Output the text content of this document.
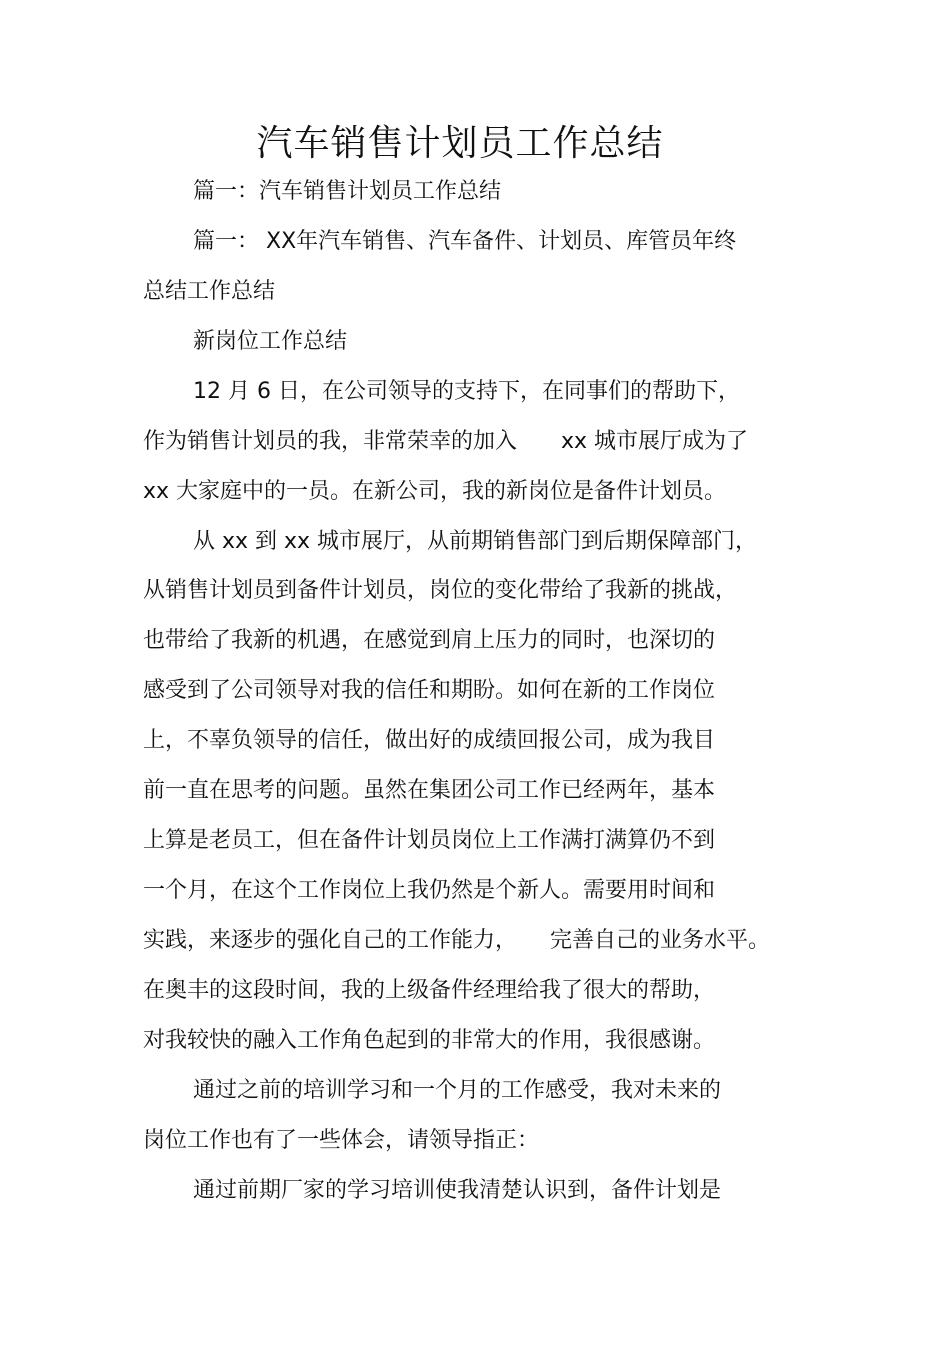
汽车销售计划员工作总结
篇一：汽车销售计划员工作总结
篇一： XX年汽车销售、汽车备件、计划员、库管员年终
总结工作总结
新岗位工作总结
12 月 6 日，在公司领导的支持下，在同事们的帮助下，
作为销售计划员的我，非常荣幸的加入　　xx 城市展厅成为了
xx 大家庭中的一员。在新公司，我的新岗位是备件计划员。
从 xx 到 xx 城市展厅，从前期销售部门到后期保障部门，
从销售计划员到备件计划员，岗位的变化带给了我新的挑战，
也带给了我新的机遇，在感觉到肩上压力的同时，也深切的
感受到了公司领导对我的信任和期盼。如何在新的工作岗位
上，不辜负领导的信任，做出好的成绩回报公司，成为我目
前一直在思考的问题。虽然在集团公司工作已经两年，基本
上算是老员工，但在备件计划员岗位上工作满打满算仍不到
一个月，在这个工作岗位上我仍然是个新人。需要用时间和
实践，来逐步的强化自己的工作能力，　　完善自己的业务水平。
在奥丰的这段时间，我的上级备件经理给我了很大的帮助，
对我较快的融入工作角色起到的非常大的作用，我很感谢。
通过之前的培训学习和一个月的工作感受，我对未来的
岗位工作也有了一些体会，请领导指正：
通过前期厂家的学习培训使我清楚认识到，备件计划是
